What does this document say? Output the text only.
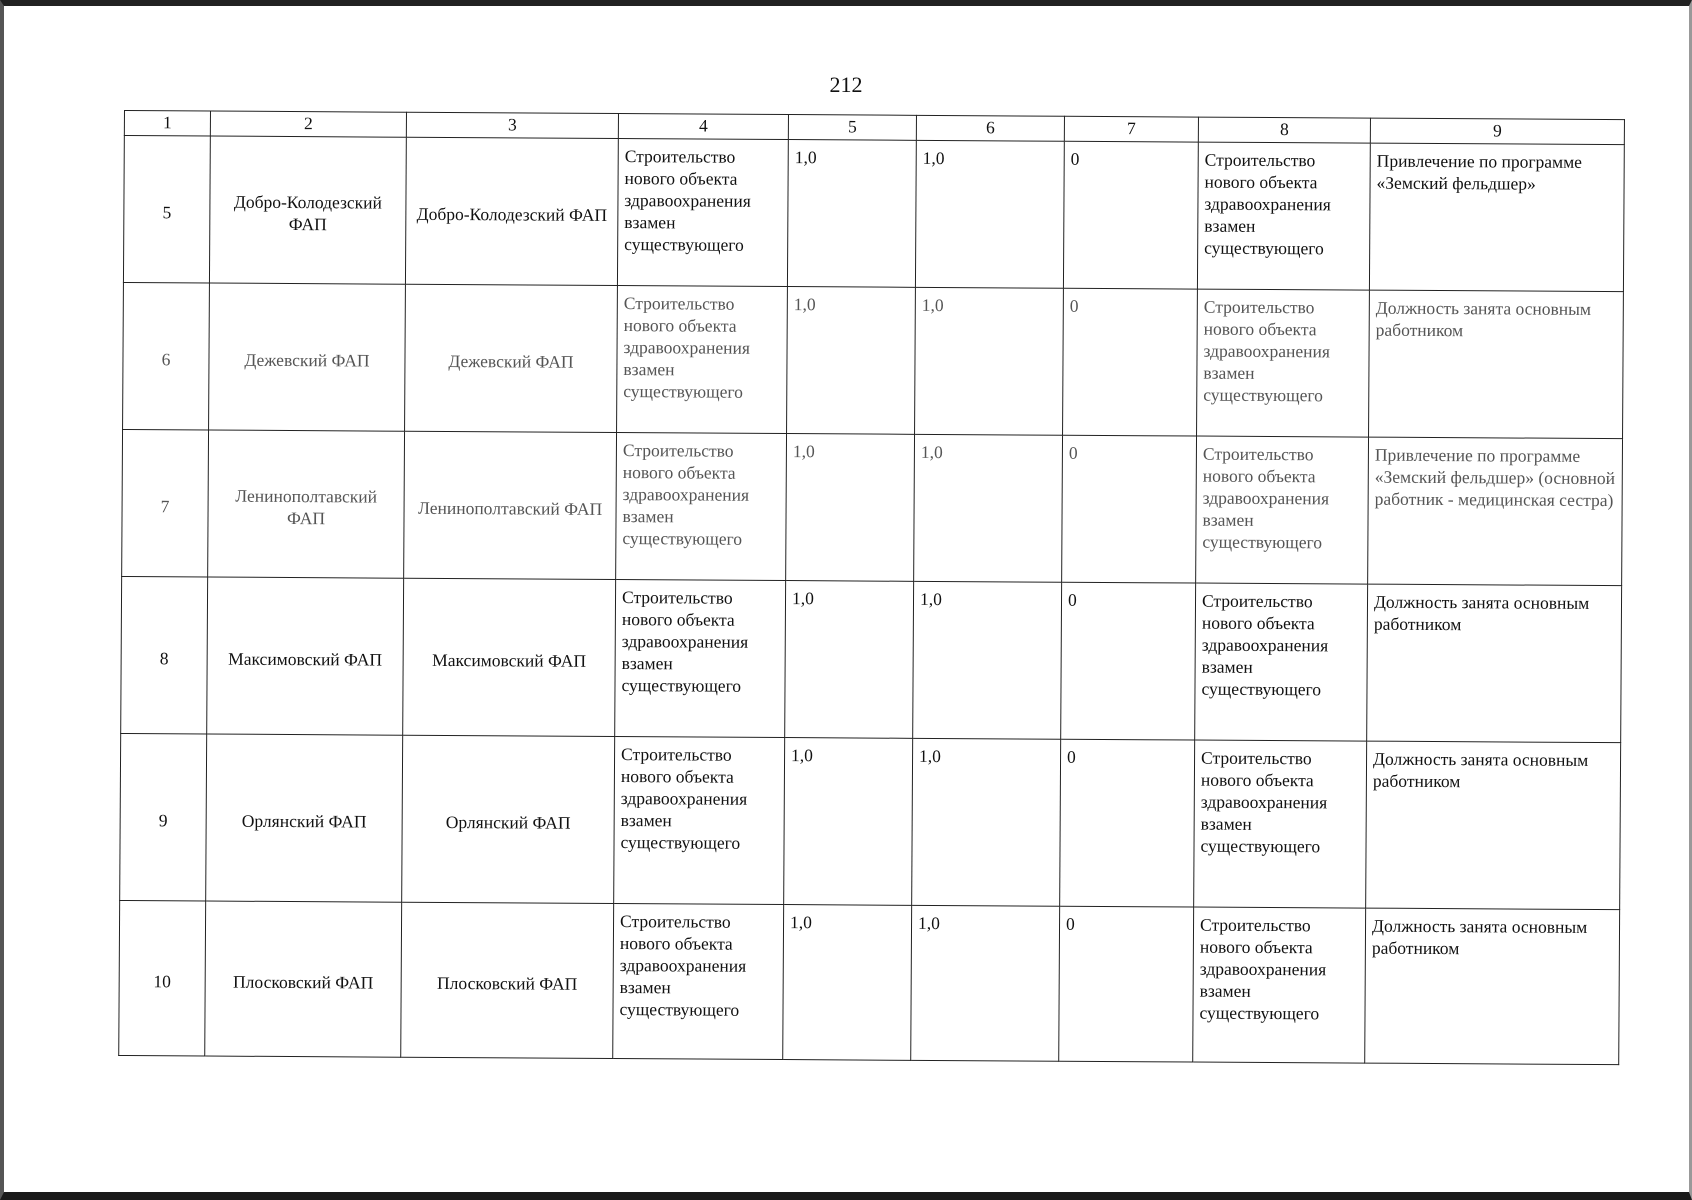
212
1	2	3	4	5	6	7	8	9
5	Добро-Колодезский ФАП	Добро-Колодезский ФАП	Строительство нового объекта здравоохранения взамен существующего	1,0	1,0	0	Строительство нового объекта здравоохранения взамен существующего	Привлечение по программе «Земский фельдшер»
6	Дежевский ФАП	Дежевский ФАП	Строительство нового объекта здравоохранения взамен существующего	1,0	1,0	0	Строительство нового объекта здравоохранения взамен существующего	Должность занята основным работником
7	Ленинополтавский ФАП	Ленинополтавский ФАП	Строительство нового объекта здравоохранения взамен существующего	1,0	1,0	0	Строительство нового объекта здравоохранения взамен существующего	Привлечение по программе «Земский фельдшер» (основной работник - медицинская сестра)
8	Максимовский ФАП	Максимовский ФАП	Строительство нового объекта здравоохранения взамен существующего	1,0	1,0	0	Строительство нового объекта здравоохранения взамен существующего	Должность занята основным работником
9	Орлянский ФАП	Орлянский ФАП	Строительство нового объекта здравоохранения взамен существующего	1,0	1,0	0	Строительство нового объекта здравоохранения взамен существующего	Должность занята основным работником
10	Плосковский ФАП	Плосковский ФАП	Строительство нового объекта здравоохранения взамен существующего	1,0	1,0	0	Строительство нового объекта здравоохранения взамен существующего	Должность занята основным работником
